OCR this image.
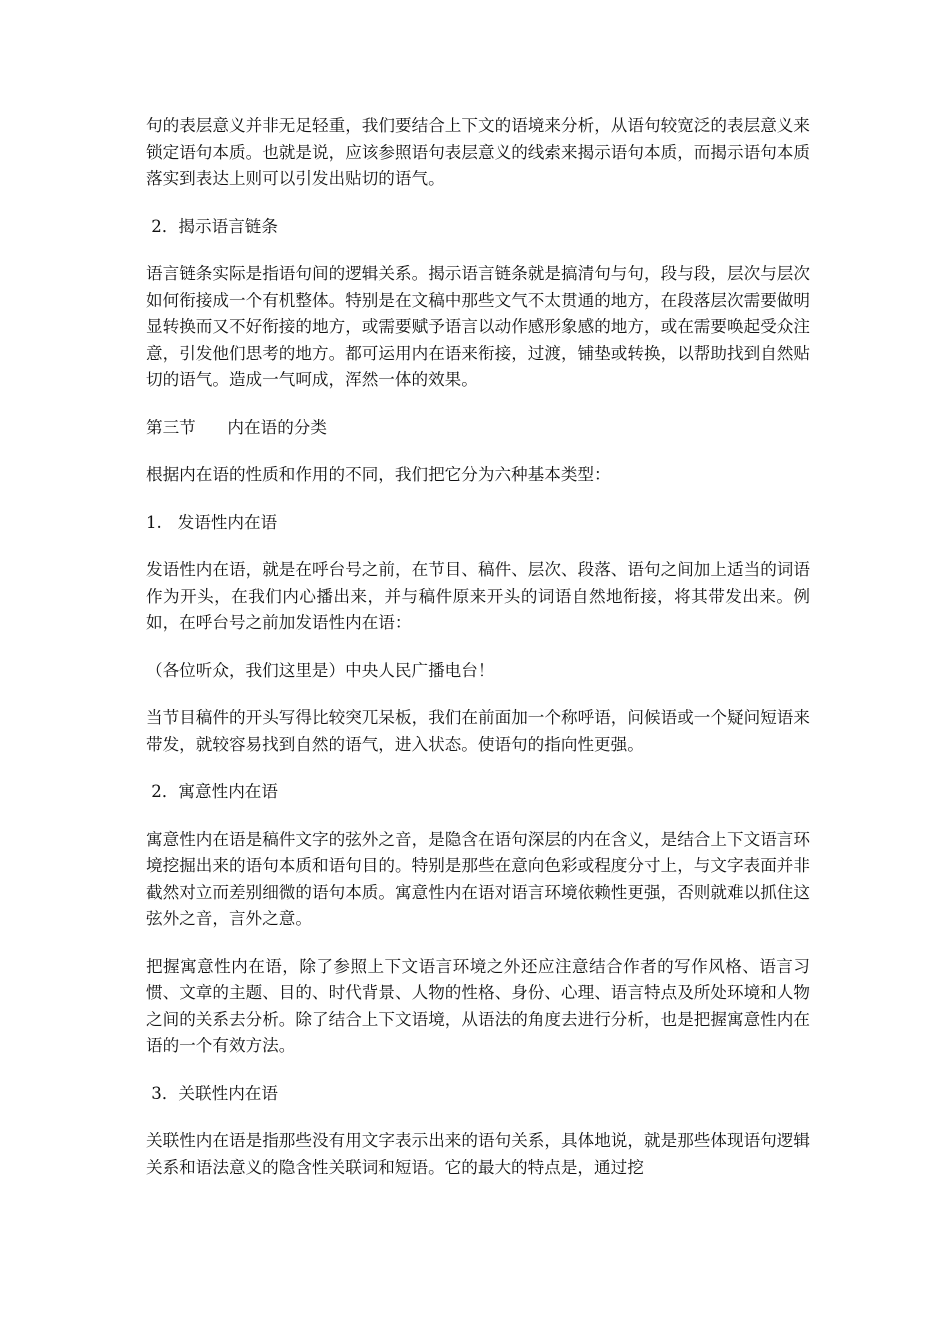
句的表层意义并非无足轻重，我们要结合上下文的语境来分析，从语句较宽泛的表层意义来锁定语句本质。也就是说，应该参照语句表层意义的线索来揭示语句本质，而揭示语句本质落实到表达上则可以引发出贴切的语气。

2．揭示语言链条

语言链条实际是指语句间的逻辑关系。揭示语言链条就是搞清句与句，段与段，层次与层次如何衔接成一个有机整体。特别是在文稿中那些文气不太贯通的地方，在段落层次需要做明显转换而又不好衔接的地方，或需要赋予语言以动作感形象感的地方，或在需要唤起受众注意，引发他们思考的地方。都可运用内在语来衔接，过渡，铺垫或转换，以帮助找到自然贴切的语气。造成一气呵成，浑然一体的效果。

第三节      内在语的分类

根据内在语的性质和作用的不同，我们把它分为六种基本类型：

1.   发语性内在语

发语性内在语，就是在呼台号之前，在节目、稿件、层次、段落、语句之间加上适当的词语作为开头，在我们内心播出来，并与稿件原来开头的词语自然地衔接，将其带发出来。例如，在呼台号之前加发语性内在语：

（各位听众，我们这里是）中央人民广播电台！

当节目稿件的开头写得比较突兀呆板，我们在前面加一个称呼语，问候语或一个疑问短语来带发，就较容易找到自然的语气，进入状态。使语句的指向性更强。

2．寓意性内在语

寓意性内在语是稿件文字的弦外之音，是隐含在语句深层的内在含义，是结合上下文语言环境挖掘出来的语句本质和语句目的。特别是那些在意向色彩或程度分寸上，与文字表面并非截然对立而差别细微的语句本质。寓意性内在语对语言环境依赖性更强，否则就难以抓住这弦外之音，言外之意。

把握寓意性内在语，除了参照上下文语言环境之外还应注意结合作者的写作风格、语言习惯、文章的主题、目的、时代背景、人物的性格、身份、心理、语言特点及所处环境和人物之间的关系去分析。除了结合上下文语境，从语法的角度去进行分析，也是把握寓意性内在语的一个有效方法。

3．关联性内在语

关联性内在语是指那些没有用文字表示出来的语句关系，具体地说，就是那些体现语句逻辑关系和语法意义的隐含性关联词和短语。它的最大的特点是，通过挖
